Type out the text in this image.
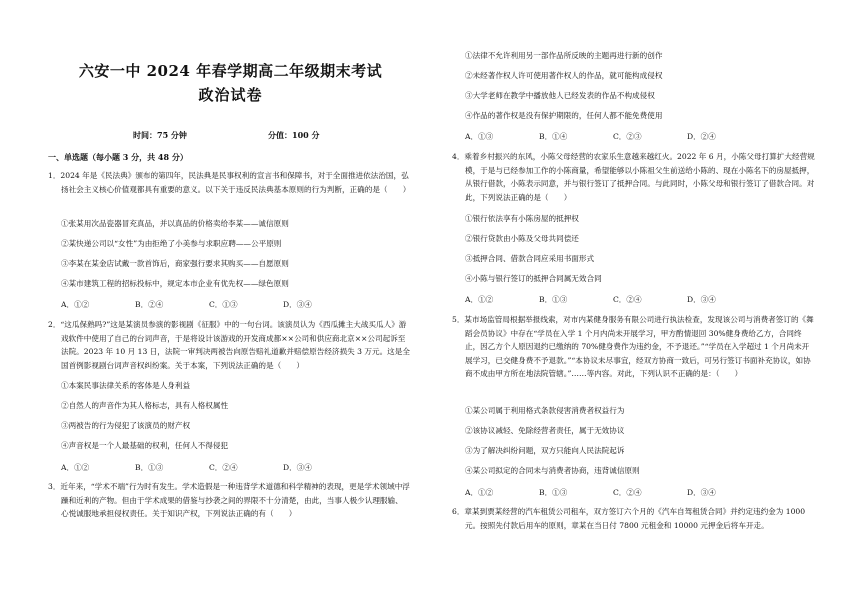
六安一中 2024 年春学期高二年级期末考试
政治试卷
时间：75 分钟	分值：100 分
一、单选题（每小题 3 分，共 48 分）
1．2024 年是《民法典》颁布的第四年，民法典是民事权利的宣言书和保障书，对于全面推进依法治国，弘扬社会主义核心价值观都具有重要的意义。以下关于违反民法典基本原则的行为判断，正确的是（　　）
①张某用次品瓷器冒充真品，并以真品的价格卖给李某——诚信原则
②某快递公司以“女性”为由拒绝了小美参与求职应聘——公平原则
③李某在某金店试戴一款首饰后，商家强行要求其购买——自愿原则
④某市建筑工程的招标投标中，规定本市企业有优先权——绿色原则
A．①②	B．②④	C．①③	D．③④
2．“这瓜保熟吗?”这是某演员参演的影视剧《征服》中的一句台词。该演员认为《西瓜摊主大战买瓜人》游戏软件中使用了自己的台词声音，于是将设计该游戏的开发商成都××公司和供应商北京××公司起诉至法院。2023 年 10 月 13 日，法院一审判决两被告向原告赔礼道歉并赔偿原告经济损失 3 万元。这是全国首例影视剧台词声音权纠纷案。关于本案，下列说法正确的是（　　）
①本案民事法律关系的客体是人身利益
②自然人的声音作为其人格标志，具有人格权属性
③两被告的行为侵犯了该演员的财产权
④声音权是一个人最基础的权利，任何人不得侵犯
A．①②	B．①③	C．②④	D．③④
3．近年来，“学术不端”行为时有发生。学术造假是一种违背学术道德和科学精神的表现，更是学术领域中浮躁和近利的产物。但由于学术成果的借鉴与抄袭之间的界限不十分清楚，由此，当事人极少认理服输、心悦诚服地承担侵权责任。关于知识产权，下列说法正确的有（　　）
①法律不允许利用另一部作品所反映的主题再进行新的创作
②未经著作权人许可使用著作权人的作品，就可能构成侵权
③大学老师在教学中播放他人已经发表的作品不构成侵权
④作品的著作权是没有保护期限的，任何人都不能免费使用
A．①③	B．①④	C．②③	D．②④
4．乘着乡村振兴的东风，小陈父母经营的农家乐生意越来越红火。2022 年 6 月，小陈父母打算扩大经营规模，于是与已经参加工作的小陈商量，希望能够以小陈祖父生前送给小陈的、现在小陈名下的房屋抵押，从银行借款，小陈表示同意，并与银行签订了抵押合同。与此同时，小陈父母和银行签订了借款合同。对此，下列说法正确的是（　　）
①银行依法享有小陈房屋的抵押权
②银行贷款由小陈及父母共同偿还
③抵押合同、借款合同应采用书面形式
④小陈与银行签订的抵押合同属无效合同
A．①②	B．①③	C．②④	D．③④
5．某市场监管局根据举报线索，对市内某健身服务有限公司进行执法检查，发现该公司与消费者签订的《舞蹈会员协议》中存在“学员在入学 1 个月内尚未开展学习，甲方酌情退回 30%健身费给乙方，合同终止，因乙方个人原因退约已缴纳的 70%健身费作为违约金，不予退还。”“学员在入学超过 1 个月尚未开展学习，已交健身费不予退款。”“本协议未尽事宜，经双方协商一致后，可另行签订书面补充协议，如协商不成由甲方所在地法院管辖。”……等内容。对此，下列认识不正确的是：（　　）
①某公司属于利用格式条款侵害消费者权益行为
②该协议减轻、免除经营者责任，属于无效协议
③为了解决纠纷问题，双方只能向人民法院起诉
④某公司拟定的合同未与消费者协商，违背诚信原则
A．①②	B．①③	C．②④	D．③④
6．章某到贾某经营的汽车租赁公司租车，双方签订六个月的《汽车自驾租赁合同》并约定违约金为 1000 元。按照先付款后用车的原则，章某在当日付 7800 元租金和 10000 元押金后将车开走。
